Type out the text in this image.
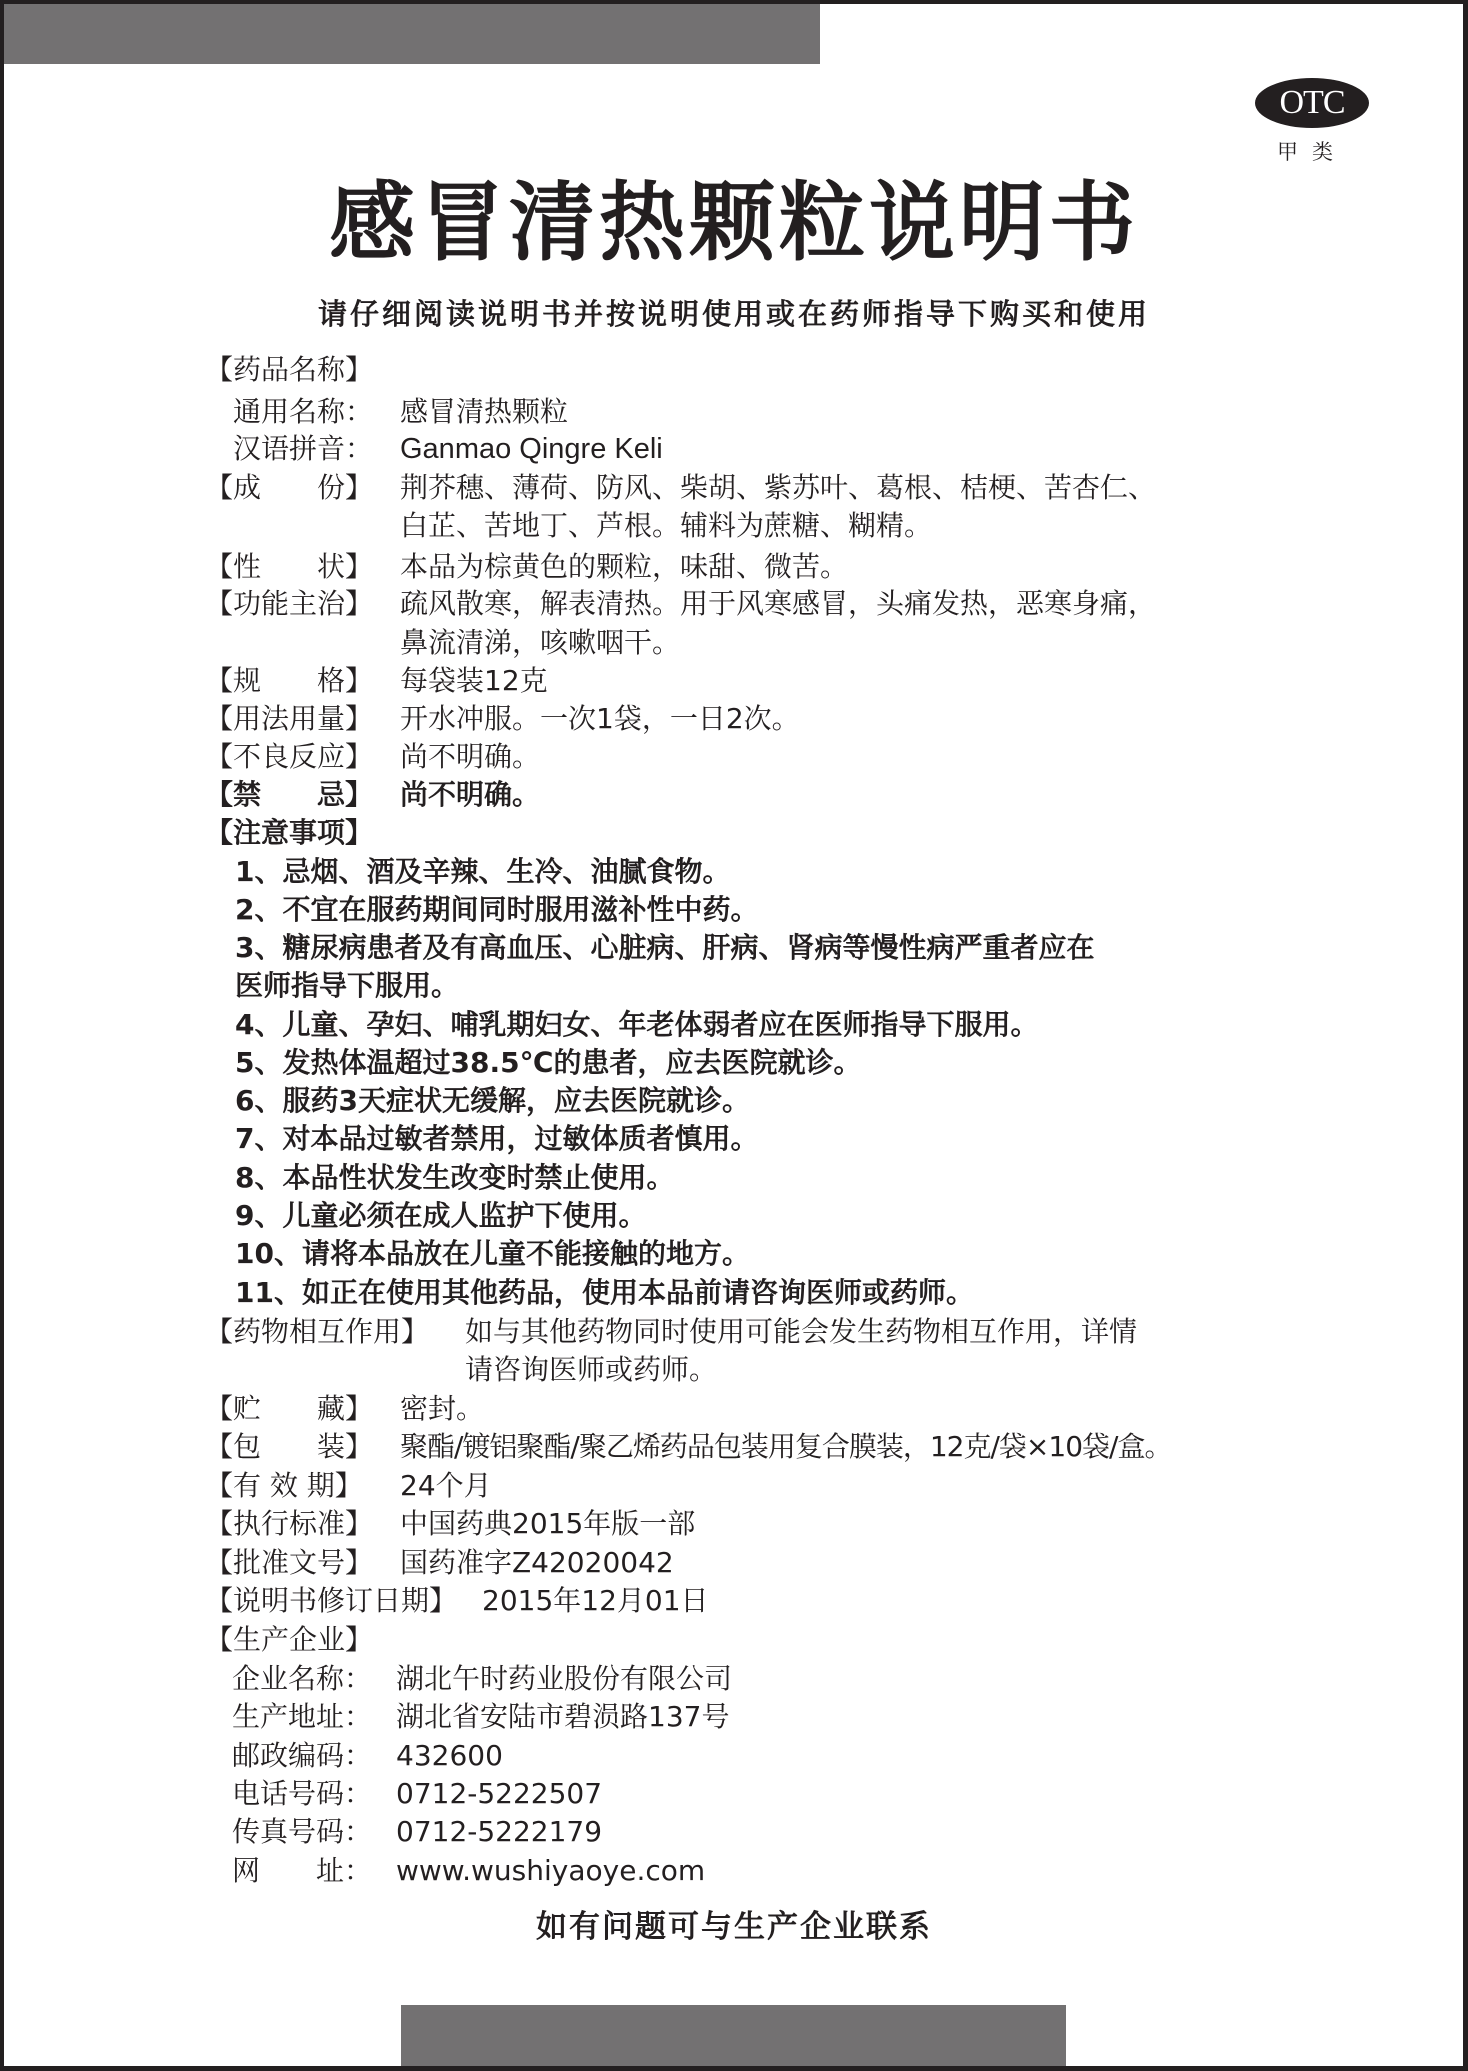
OTC
甲类
感冒清热颗粒说明书
请仔细阅读说明书并按说明使用或在药师指导下购买和使用
【药品名称】
通用名称： 感冒清热颗粒
汉语拼音： Ganmao Qingre Keli
【成　　份】 荆芥穗、薄荷、防风、柴胡、紫苏叶、葛根、桔梗、苦杏仁、
白芷、苦地丁、芦根。辅料为蔗糖、糊精。
【性　　状】 本品为棕黄色的颗粒，味甜、微苦。
【功能主治】 疏风散寒，解表清热。用于风寒感冒，头痛发热，恶寒身痛，
鼻流清涕，咳嗽咽干。
【规　　格】 每袋装12克
【用法用量】 开水冲服。一次1袋，一日2次。
【不良反应】 尚不明确。
【禁　　忌】 尚不明确。
【注意事项】
1、忌烟、酒及辛辣、生冷、油腻食物。
2、不宜在服药期间同时服用滋补性中药。
3、糖尿病患者及有高血压、心脏病、肝病、肾病等慢性病严重者应在
医师指导下服用。
4、儿童、孕妇、哺乳期妇女、年老体弱者应在医师指导下服用。
5、发热体温超过38.5℃的患者，应去医院就诊。
6、服药3天症状无缓解，应去医院就诊。
7、对本品过敏者禁用，过敏体质者慎用。
8、本品性状发生改变时禁止使用。
9、儿童必须在成人监护下使用。
10、请将本品放在儿童不能接触的地方。
11、如正在使用其他药品，使用本品前请咨询医师或药师。
【药物相互作用】 如与其他药物同时使用可能会发生药物相互作用，详情
请咨询医师或药师。
【贮　　藏】 密封。
【包　　装】 聚酯/镀铝聚酯/聚乙烯药品包装用复合膜装，12克/袋×10袋/盒。
【有 效 期】 24个月
【执行标准】 中国药典2015年版一部
【批准文号】 国药准字Z42020042
【说明书修订日期】 2015年12月01日
【生产企业】
企业名称： 湖北午时药业股份有限公司
生产地址： 湖北省安陆市碧涢路137号
邮政编码： 432600
电话号码： 0712-5222507
传真号码： 0712-5222179
网　　址： www.wushiyaoye.com
如有问题可与生产企业联系
